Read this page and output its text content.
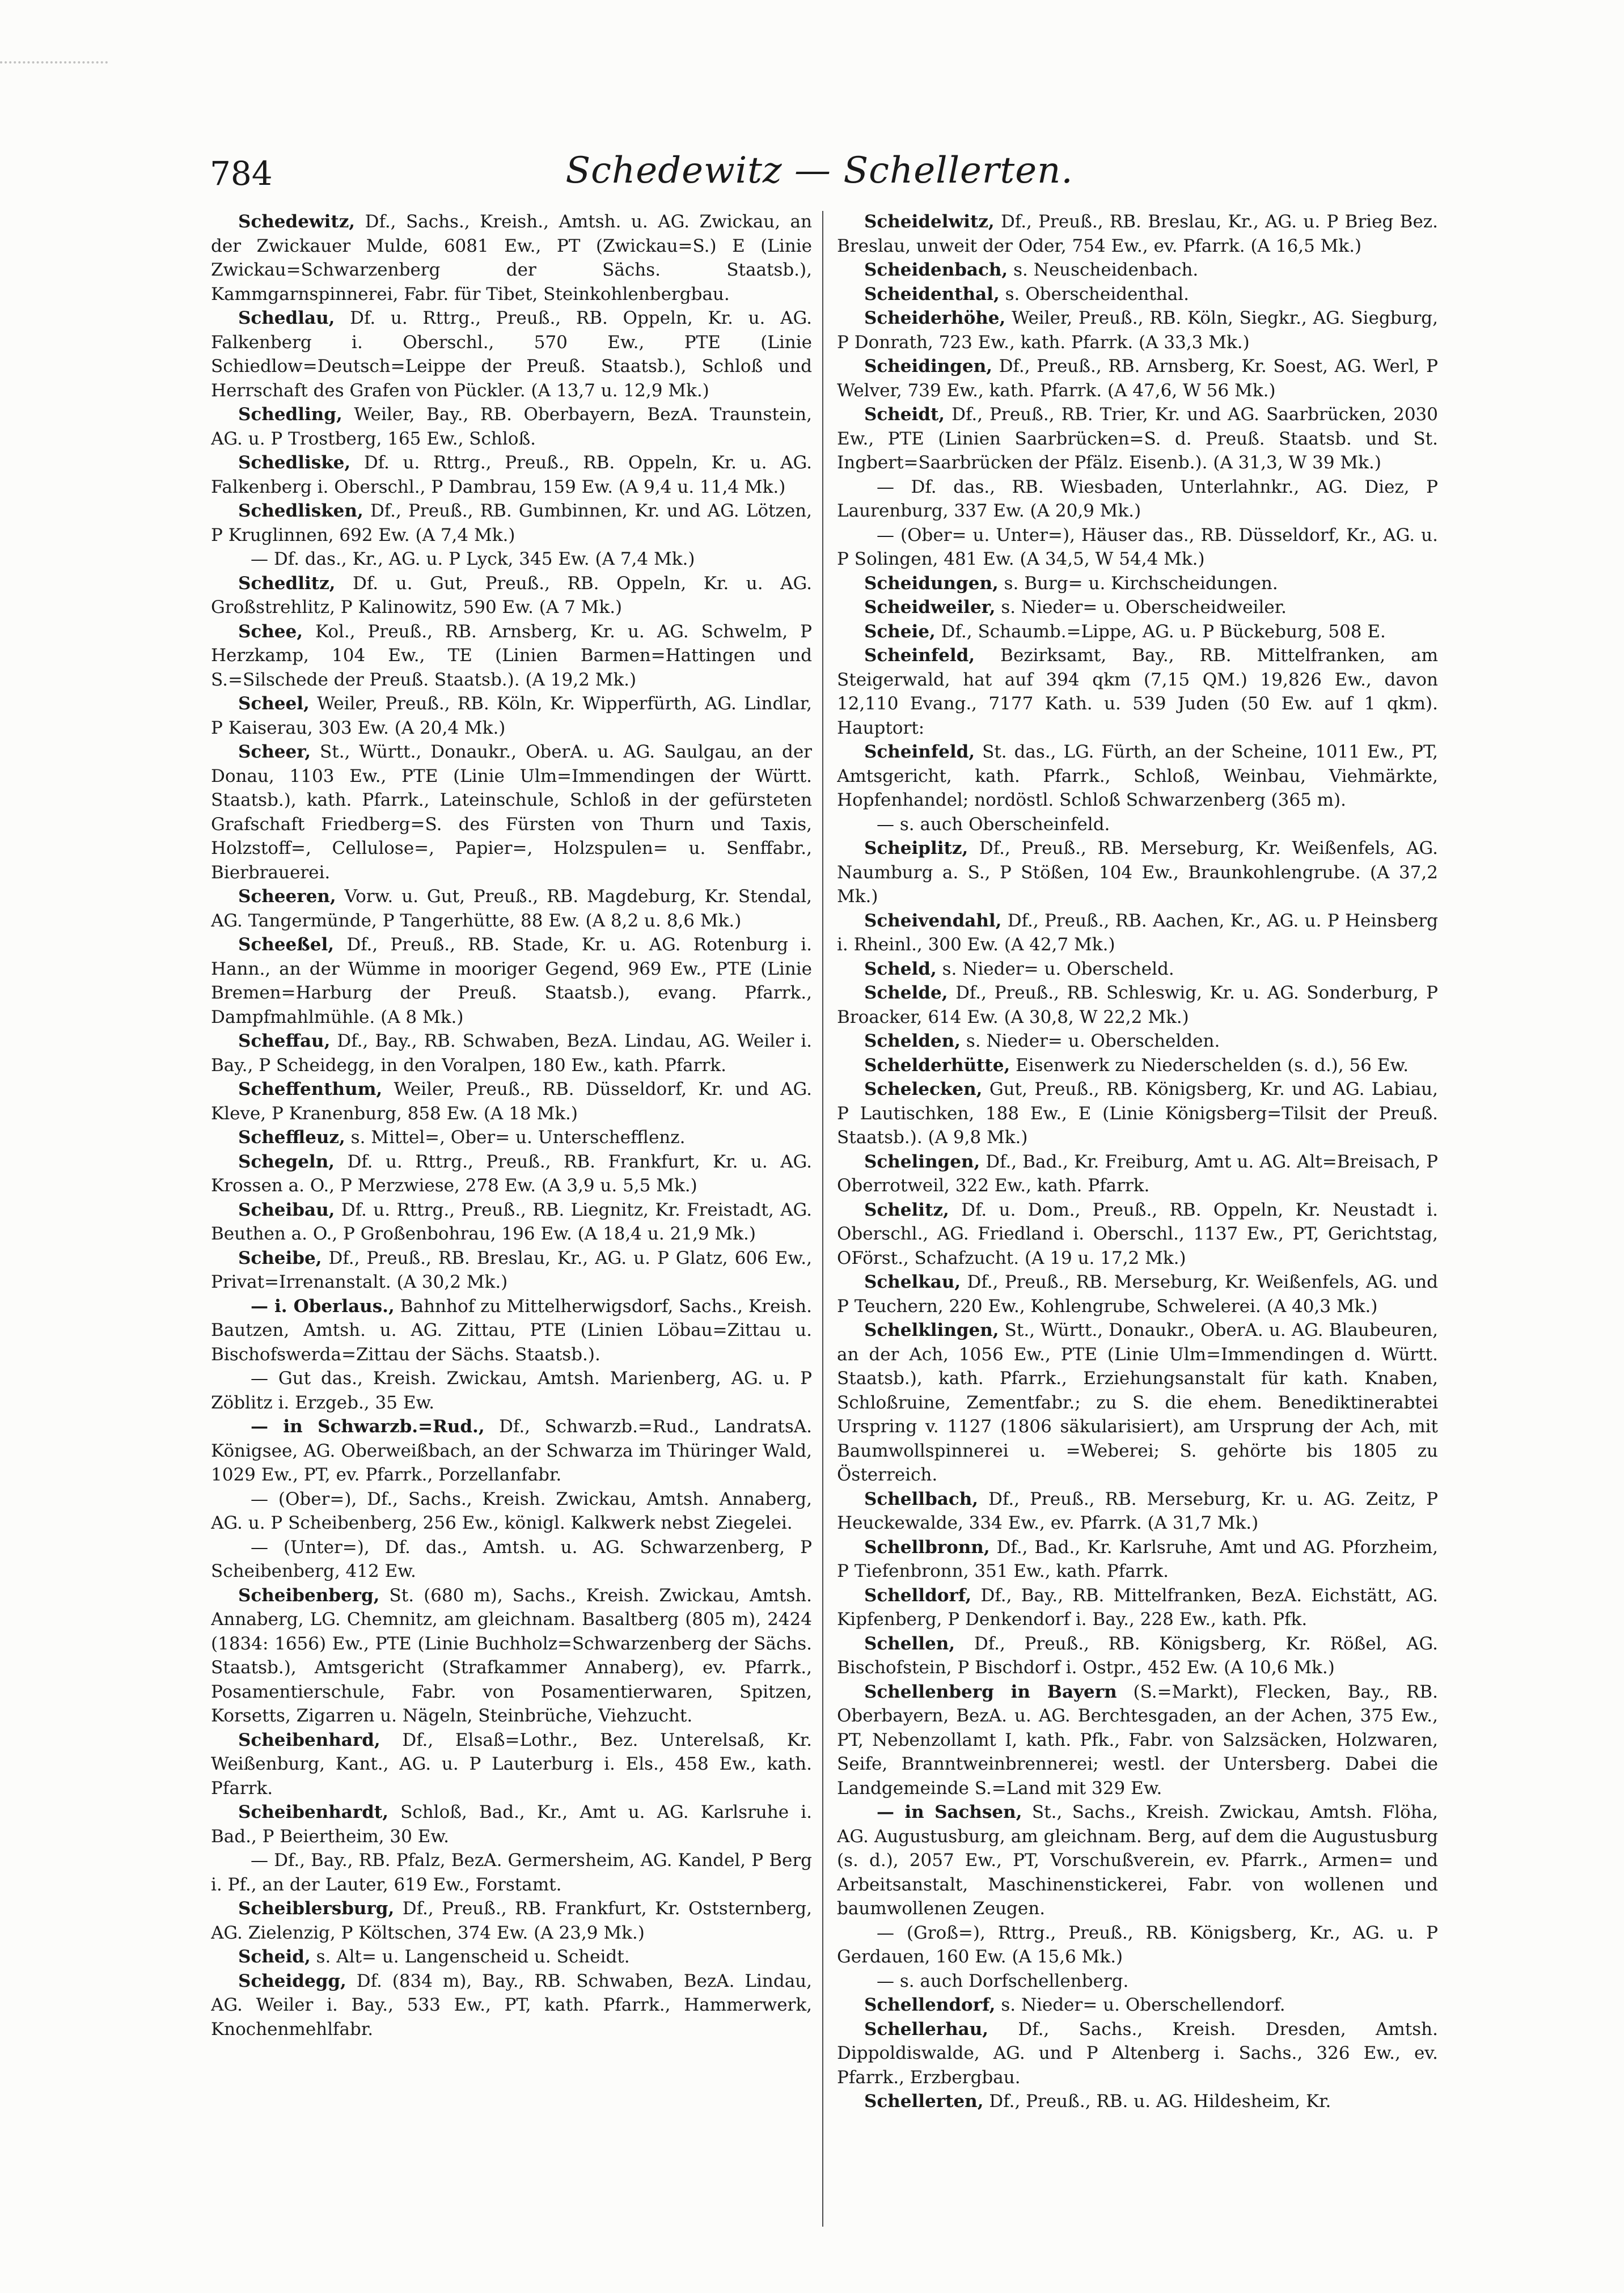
784	Schedewitz — Schellerten.

Schedewitz, Df., Sachs., Kreish., Amtsh. u. AG. Zwickau, an der Zwickauer Mulde, 6081 Ew., PT (Zwickau=S.) E (Linie Zwickau=Schwarzenberg der Sächs. Staatsb.), Kammgarnspinnerei, Fabr. für Tibet, Steinkohlenbergbau.

Schedlau, Df. u. Rttrg., Preuß., RB. Oppeln, Kr. u. AG. Falkenberg i. Oberschl., 570 Ew., PTE (Linie Schiedlow=Deutsch=Leippe der Preuß. Staatsb.), Schloß und Herrschaft des Grafen von Pückler. (A 13,7 u. 12,9 Mk.)

Schedling, Weiler, Bay., RB. Oberbayern, BezA. Traunstein, AG. u. P Trostberg, 165 Ew., Schloß.

Schedliske, Df. u. Rttrg., Preuß., RB. Oppeln, Kr. u. AG. Falkenberg i. Oberschl., P Dambrau, 159 Ew. (A 9,4 u. 11,4 Mk.)

Schedlisken, Df., Preuß., RB. Gumbinnen, Kr. und AG. Lötzen, P Kruglinnen, 692 Ew. (A 7,4 Mk.)

— Df. das., Kr., AG. u. P Lyck, 345 Ew. (A 7,4 Mk.)

Schedlitz, Df. u. Gut, Preuß., RB. Oppeln, Kr. u. AG. Großstrehlitz, P Kalinowitz, 590 Ew. (A 7 Mk.)

Schee, Kol., Preuß., RB. Arnsberg, Kr. u. AG. Schwelm, P Herzkamp, 104 Ew., TE (Linien Barmen=Hattingen und S.=Silschede der Preuß. Staatsb.). (A 19,2 Mk.)

Scheel, Weiler, Preuß., RB. Köln, Kr. Wipperfürth, AG. Lindlar, P Kaiserau, 303 Ew. (A 20,4 Mk.)

Scheer, St., Württ., Donaukr., OberA. u. AG. Saulgau, an der Donau, 1103 Ew., PTE (Linie Ulm=Immendingen der Württ. Staatsb.), kath. Pfarrk., Lateinschule, Schloß in der gefürsteten Grafschaft Friedberg=S. des Fürsten von Thurn und Taxis, Holzstoff=, Cellulose=, Papier=, Holzspulen= u. Senffabr., Bierbrauerei.

Scheeren, Vorw. u. Gut, Preuß., RB. Magdeburg, Kr. Stendal, AG. Tangermünde, P Tangerhütte, 88 Ew. (A 8,2 u. 8,6 Mk.)

Scheeßel, Df., Preuß., RB. Stade, Kr. u. AG. Rotenburg i. Hann., an der Wümme in mooriger Gegend, 969 Ew., PTE (Linie Bremen=Harburg der Preuß. Staatsb.), evang. Pfarrk., Dampfmahlmühle. (A 8 Mk.)

Scheffau, Df., Bay., RB. Schwaben, BezA. Lindau, AG. Weiler i. Bay., P Scheidegg, in den Voralpen, 180 Ew., kath. Pfarrk.

Scheffenthum, Weiler, Preuß., RB. Düsseldorf, Kr. und AG. Kleve, P Kranenburg, 858 Ew. (A 18 Mk.)

Scheffleuz, s. Mittel=, Ober= u. Unterschefflenz.

Schegeln, Df. u. Rttrg., Preuß., RB. Frankfurt, Kr. u. AG. Krossen a. O., P Merzwiese, 278 Ew. (A 3,9 u. 5,5 Mk.)

Scheibau, Df. u. Rttrg., Preuß., RB. Liegnitz, Kr. Freistadt, AG. Beuthen a. O., P Großenbohrau, 196 Ew. (A 18,4 u. 21,9 Mk.)

Scheibe, Df., Preuß., RB. Breslau, Kr., AG. u. P Glatz, 606 Ew., Privat=Irrenanstalt. (A 30,2 Mk.)

— i. Oberlaus., Bahnhof zu Mittelherwigsdorf, Sachs., Kreish. Bautzen, Amtsh. u. AG. Zittau, PTE (Linien Löbau=Zittau u. Bischofswerda=Zittau der Sächs. Staatsb.).

— Gut das., Kreish. Zwickau, Amtsh. Marienberg, AG. u. P Zöblitz i. Erzgeb., 35 Ew.

— in Schwarzb.=Rud., Df., Schwarzb.=Rud., LandratsA. Königsee, AG. Oberweißbach, an der Schwarza im Thüringer Wald, 1029 Ew., PT, ev. Pfarrk., Porzellanfabr.

— (Ober=), Df., Sachs., Kreish. Zwickau, Amtsh. Annaberg, AG. u. P Scheibenberg, 256 Ew., königl. Kalkwerk nebst Ziegelei.

— (Unter=), Df. das., Amtsh. u. AG. Schwarzenberg, P Scheibenberg, 412 Ew.

Scheibenberg, St. (680 m), Sachs., Kreish. Zwickau, Amtsh. Annaberg, LG. Chemnitz, am gleichnam. Basaltberg (805 m), 2424 (1834: 1656) Ew., PTE (Linie Buchholz=Schwarzenberg der Sächs. Staatsb.), Amtsgericht (Strafkammer Annaberg), ev. Pfarrk., Posamentierschule, Fabr. von Posamentierwaren, Spitzen, Korsetts, Zigarren u. Nägeln, Steinbrüche, Viehzucht.

Scheibenhard, Df., Elsaß=Lothr., Bez. Unterelsaß, Kr. Weißenburg, Kant., AG. u. P Lauterburg i. Els., 458 Ew., kath. Pfarrk.

Scheibenhardt, Schloß, Bad., Kr., Amt u. AG. Karlsruhe i. Bad., P Beiertheim, 30 Ew.

— Df., Bay., RB. Pfalz, BezA. Germersheim, AG. Kandel, P Berg i. Pf., an der Lauter, 619 Ew., Forstamt.

Scheiblersburg, Df., Preuß., RB. Frankfurt, Kr. Oststernberg, AG. Zielenzig, P Költschen, 374 Ew. (A 23,9 Mk.)

Scheid, s. Alt= u. Langenscheid u. Scheidt.

Scheidegg, Df. (834 m), Bay., RB. Schwaben, BezA. Lindau, AG. Weiler i. Bay., 533 Ew., PT, kath. Pfarrk., Hammerwerk, Knochenmehlfabr.

Scheidelwitz, Df., Preuß., RB. Breslau, Kr., AG. u. P Brieg Bez. Breslau, unweit der Oder, 754 Ew., ev. Pfarrk. (A 16,5 Mk.)

Scheidenbach, s. Neuscheidenbach.

Scheidenthal, s. Oberscheidenthal.

Scheiderhöhe, Weiler, Preuß., RB. Köln, Siegkr., AG. Siegburg, P Donrath, 723 Ew., kath. Pfarrk. (A 33,3 Mk.)

Scheidingen, Df., Preuß., RB. Arnsberg, Kr. Soest, AG. Werl, P Welver, 739 Ew., kath. Pfarrk. (A 47,6, W 56 Mk.)

Scheidt, Df., Preuß., RB. Trier, Kr. und AG. Saarbrücken, 2030 Ew., PTE (Linien Saarbrücken=S. d. Preuß. Staatsb. und St. Ingbert=Saarbrücken der Pfälz. Eisenb.). (A 31,3, W 39 Mk.)

— Df. das., RB. Wiesbaden, Unterlahnkr., AG. Diez, P Laurenburg, 337 Ew. (A 20,9 Mk.)

— (Ober= u. Unter=), Häuser das., RB. Düsseldorf, Kr., AG. u. P Solingen, 481 Ew. (A 34,5, W 54,4 Mk.)

Scheidungen, s. Burg= u. Kirchscheidungen.

Scheidweiler, s. Nieder= u. Oberscheidweiler.

Scheie, Df., Schaumb.=Lippe, AG. u. P Bückeburg, 508 E.

Scheinfeld, Bezirksamt, Bay., RB. Mittelfranken, am Steigerwald, hat auf 394 qkm (7,15 QM.) 19,826 Ew., davon 12,110 Evang., 7177 Kath. u. 539 Juden (50 Ew. auf 1 qkm). Hauptort:

Scheinfeld, St. das., LG. Fürth, an der Scheine, 1011 Ew., PT, Amtsgericht, kath. Pfarrk., Schloß, Weinbau, Viehmärkte, Hopfenhandel; nordöstl. Schloß Schwarzenberg (365 m).

— s. auch Oberscheinfeld.

Scheiplitz, Df., Preuß., RB. Merseburg, Kr. Weißenfels, AG. Naumburg a. S., P Stößen, 104 Ew., Braunkohlengrube. (A 37,2 Mk.)

Scheivendahl, Df., Preuß., RB. Aachen, Kr., AG. u. P Heinsberg i. Rheinl., 300 Ew. (A 42,7 Mk.)

Scheld, s. Nieder= u. Oberscheld.

Schelde, Df., Preuß., RB. Schleswig, Kr. u. AG. Sonderburg, P Broacker, 614 Ew. (A 30,8, W 22,2 Mk.)

Schelden, s. Nieder= u. Oberschelden.

Schelderhütte, Eisenwerk zu Niederschelden (s. d.), 56 Ew.

Schelecken, Gut, Preuß., RB. Königsberg, Kr. und AG. Labiau, P Lautischken, 188 Ew., E (Linie Königsberg=Tilsit der Preuß. Staatsb.). (A 9,8 Mk.)

Schelingen, Df., Bad., Kr. Freiburg, Amt u. AG. Alt=Breisach, P Oberrotweil, 322 Ew., kath. Pfarrk.

Schelitz, Df. u. Dom., Preuß., RB. Oppeln, Kr. Neustadt i. Oberschl., AG. Friedland i. Oberschl., 1137 Ew., PT, Gerichtstag, OFörst., Schafzucht. (A 19 u. 17,2 Mk.)

Schelkau, Df., Preuß., RB. Merseburg, Kr. Weißenfels, AG. und P Teuchern, 220 Ew., Kohlengrube, Schwelerei. (A 40,3 Mk.)

Schelklingen, St., Württ., Donaukr., OberA. u. AG. Blaubeuren, an der Ach, 1056 Ew., PTE (Linie Ulm=Immendingen d. Württ. Staatsb.), kath. Pfarrk., Erziehungsanstalt für kath. Knaben, Schloßruine, Zementfabr.; zu S. die ehem. Benediktinerabtei Urspring v. 1127 (1806 säkularisiert), am Ursprung der Ach, mit Baumwollspinnerei u. =Weberei; S. gehörte bis 1805 zu Österreich.

Schellbach, Df., Preuß., RB. Merseburg, Kr. u. AG. Zeitz, P Heuckewalde, 334 Ew., ev. Pfarrk. (A 31,7 Mk.)

Schellbronn, Df., Bad., Kr. Karlsruhe, Amt und AG. Pforzheim, P Tiefenbronn, 351 Ew., kath. Pfarrk.

Schelldorf, Df., Bay., RB. Mittelfranken, BezA. Eichstätt, AG. Kipfenberg, P Denkendorf i. Bay., 228 Ew., kath. Pfk.

Schellen, Df., Preuß., RB. Königsberg, Kr. Rößel, AG. Bischofstein, P Bischdorf i. Ostpr., 452 Ew. (A 10,6 Mk.)

Schellenberg in Bayern (S.=Markt), Flecken, Bay., RB. Oberbayern, BezA. u. AG. Berchtesgaden, an der Achen, 375 Ew., PT, Nebenzollamt I, kath. Pfk., Fabr. von Salzsäcken, Holzwaren, Seife, Branntweinbrennerei; westl. der Untersberg. Dabei die Landgemeinde S.=Land mit 329 Ew.

— in Sachsen, St., Sachs., Kreish. Zwickau, Amtsh. Flöha, AG. Augustusburg, am gleichnam. Berg, auf dem die Augustusburg (s. d.), 2057 Ew., PT, Vorschußverein, ev. Pfarrk., Armen= und Arbeitsanstalt, Maschinenstickerei, Fabr. von wollenen und baumwollenen Zeugen.

— (Groß=), Rttrg., Preuß., RB. Königsberg, Kr., AG. u. P Gerdauen, 160 Ew. (A 15,6 Mk.)

— s. auch Dorfschellenberg.

Schellendorf, s. Nieder= u. Oberschellendorf.

Schellerhau, Df., Sachs., Kreish. Dresden, Amtsh. Dippoldiswalde, AG. und P Altenberg i. Sachs., 326 Ew., ev. Pfarrk., Erzbergbau.

Schellerten, Df., Preuß., RB. u. AG. Hildesheim, Kr.
